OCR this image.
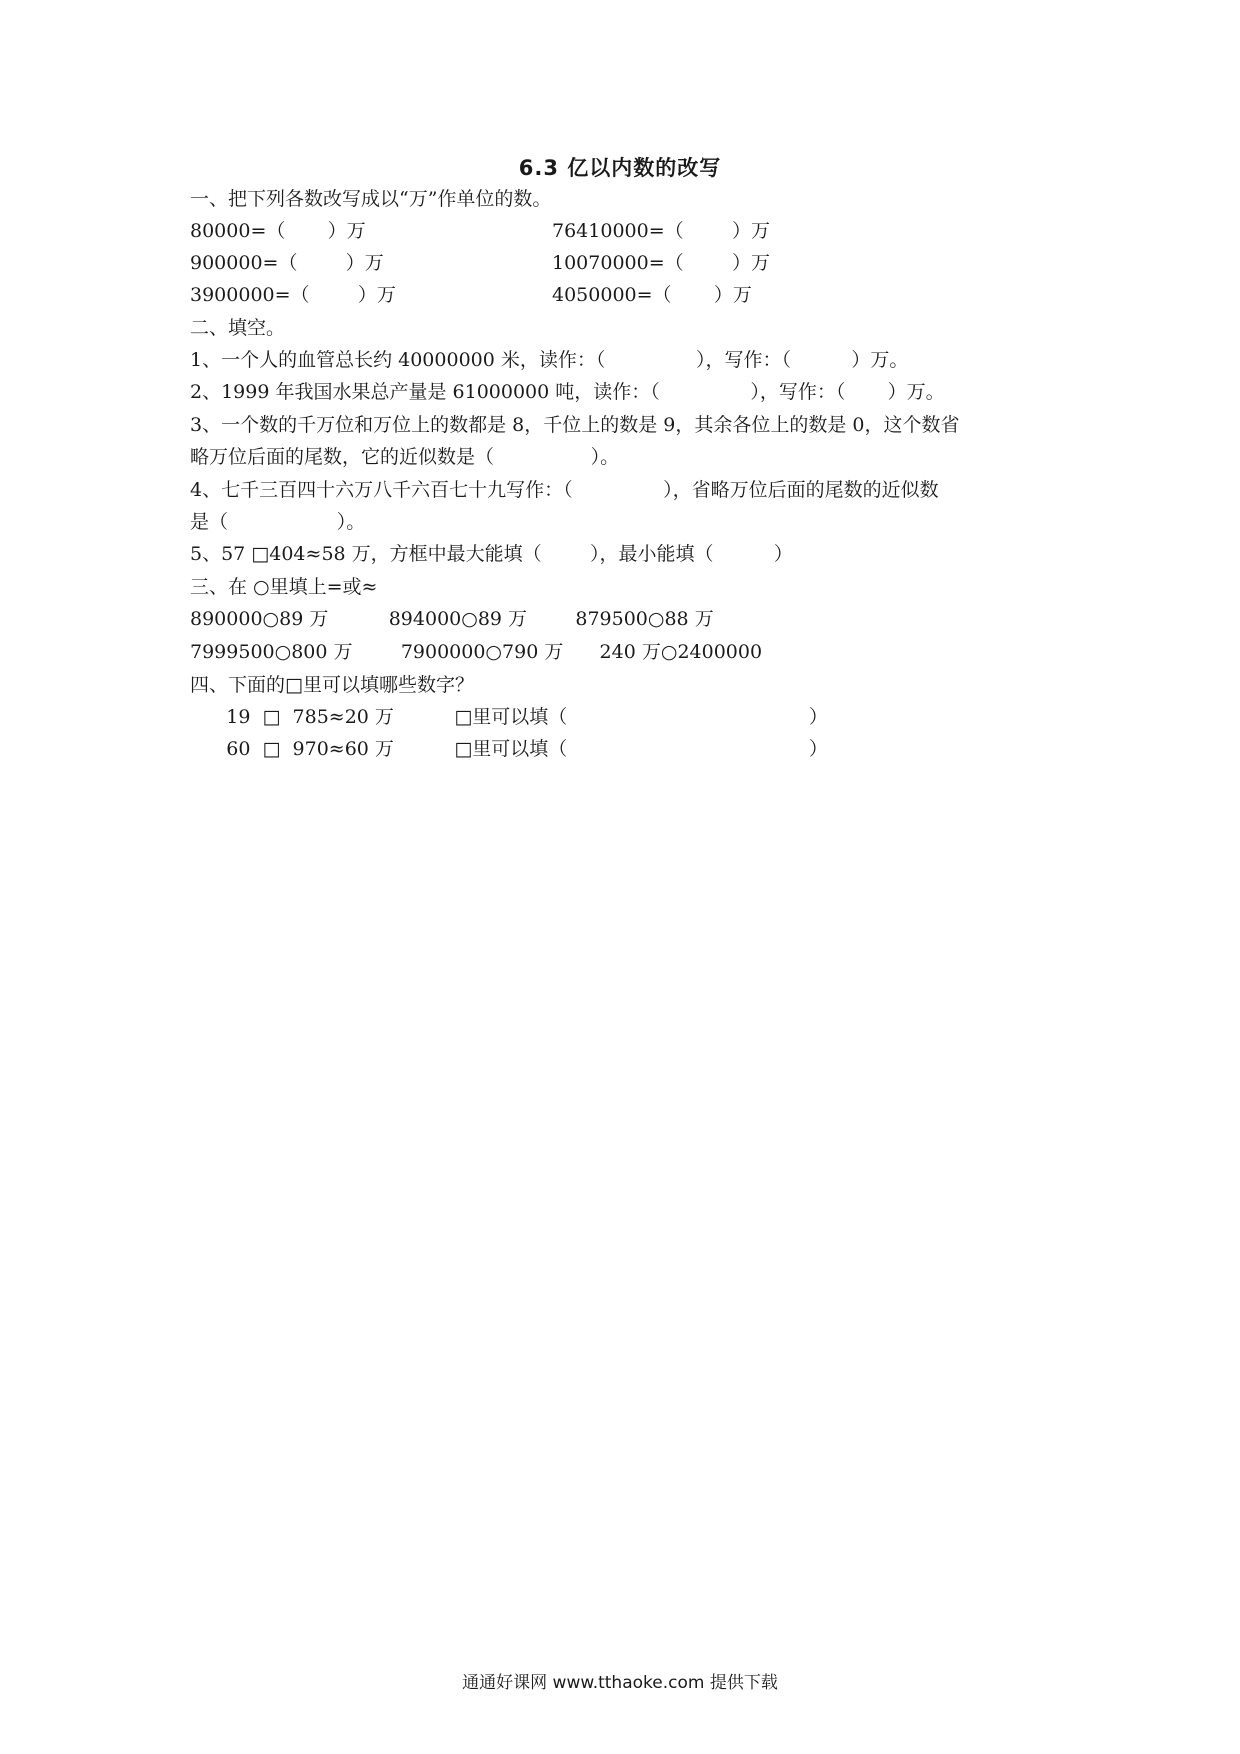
6.3 亿以内数的改写
一、把下列各数改写成以“万”作单位的数。
80000=（       ）万	76410000=（        ）万
900000=（        ）万	10070000=（        ）万
3900000=（        ）万	4050000=（       ）万
二、填空。
1、一个人的血管总长约 40000000 米，读作：（               ），写作：（          ）万。
2、1999 年我国水果总产量是 61000000 吨，读作：（               ），写作：（       ）万。
3、一个数的千万位和万位上的数都是 8，千位上的数是 9，其余各位上的数是 0，这个数省
略万位后面的尾数，它的近似数是（                ）。
4、七千三百四十六万八千六百七十九写作：（               ），省略万位后面的尾数的近似数
是（                  ）。
5、57 □404≈58 万，方框中最大能填（        ），最小能填（          ）
三、在 ○里填上=或≈
890000○89 万          894000○89 万        879500○88 万
7999500○800 万        7900000○790 万      240 万○2400000
四、下面的□里可以填哪些数字？
19  □  785≈20 万          □里可以填（                                        ）
60  □  970≈60 万          □里可以填（                                        ）
通通好课网 www.tthaoke.com 提供下载
